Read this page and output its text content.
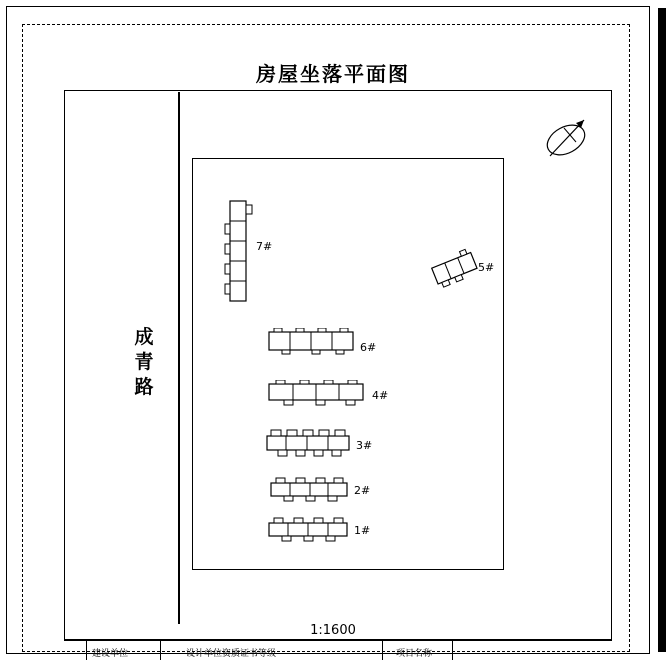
房屋坐落平面图
成
青
路
7#
5#
6#
4#
3#
2#
1#
1:1600
建设单位	设计单位资质证书等级	项目名称
